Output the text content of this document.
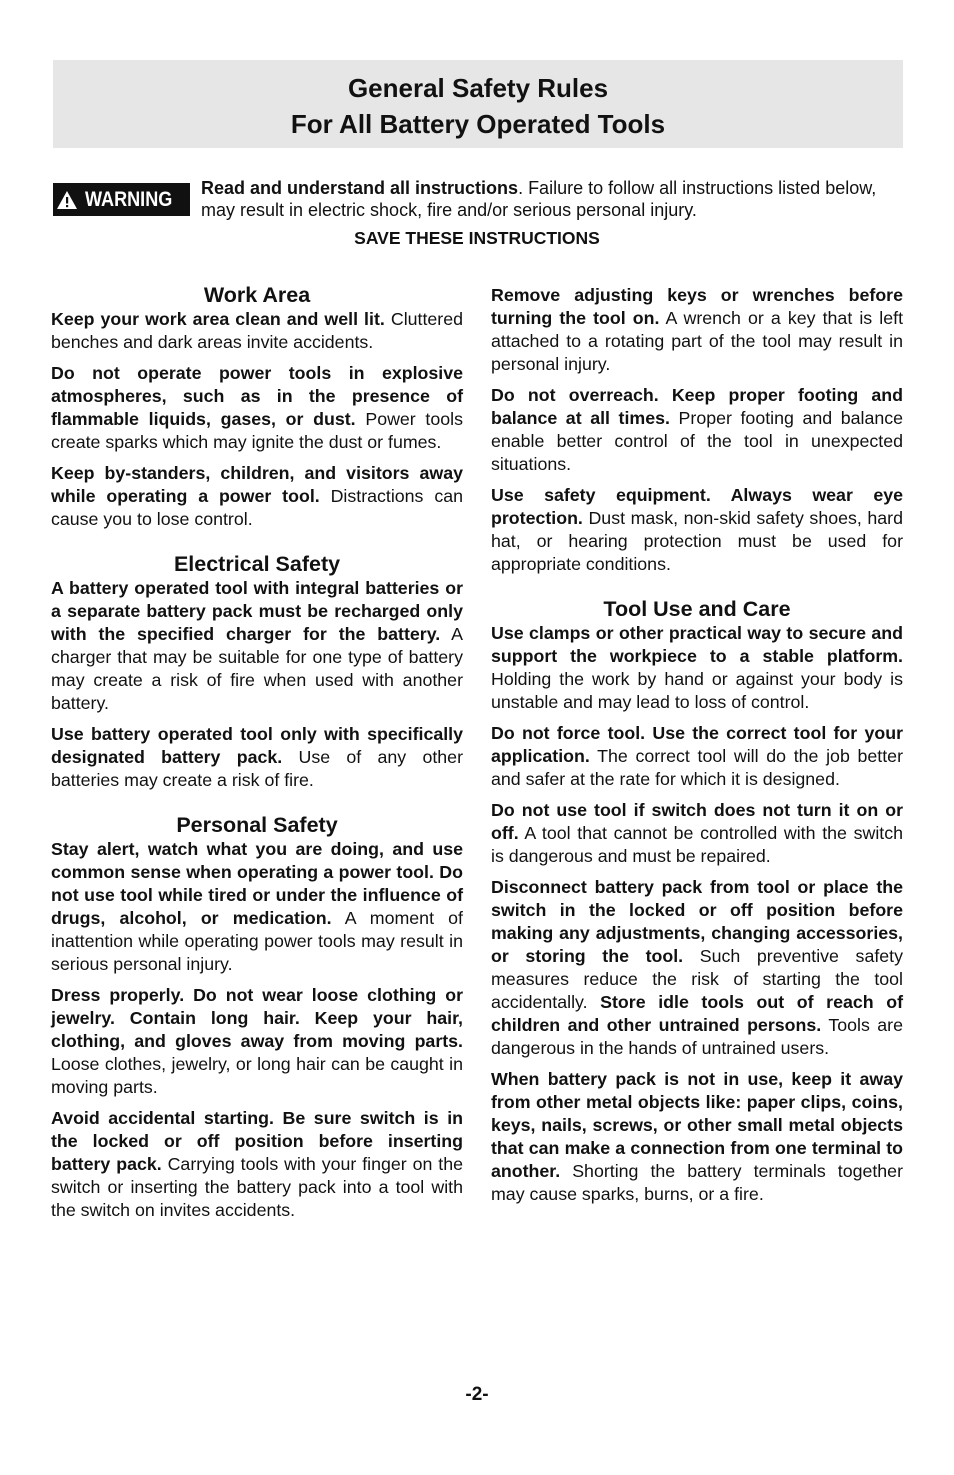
General Safety Rules
For All Battery Operated Tools
WARNING Read and understand all instructions. Failure to follow all instructions listed below, may result in electric shock, fire and/or serious personal injury.
SAVE THESE INSTRUCTIONS
Work Area

Keep your work area clean and well lit. Cluttered benches and dark areas invite accidents.

Do not operate power tools in explosive atmospheres, such as in the presence of flammable liquids, gases, or dust. Power tools create sparks which may ignite the dust or fumes.

Keep by-standers, children, and visitors away while operating a power tool. Distractions can cause you to lose control.

Electrical Safety

A battery operated tool with integral batteries or a separate battery pack must be recharged only with the specified charger for the battery. A charger that may be suitable for one type of battery may create a risk of fire when used with another battery.

Use battery operated tool only with specifically designated battery pack. Use of any other batteries may create a risk of fire.

Personal Safety

Stay alert, watch what you are doing, and use common sense when operating a power tool. Do not use tool while tired or under the influence of drugs, alcohol, or medication. A moment of inattention while operating power tools may result in serious personal injury.

Dress properly. Do not wear loose clothing or jewelry. Contain long hair. Keep your hair, clothing, and gloves away from moving parts. Loose clothes, jewelry, or long hair can be caught in moving parts.

Avoid accidental starting. Be sure switch is in the locked or off position before inserting battery pack. Carrying tools with your finger on the switch or inserting the battery pack into a tool with the switch on invites accidents.

Remove adjusting keys or wrenches before turning the tool on. A wrench or a key that is left attached to a rotating part of the tool may result in personal injury.

Do not overreach. Keep proper footing and balance at all times. Proper footing and balance enable better control of the tool in unexpected situations.

Use safety equipment. Always wear eye protection. Dust mask, non-skid safety shoes, hard hat, or hearing protection must be used for appropriate conditions.

Tool Use and Care

Use clamps or other practical way to secure and support the workpiece to a stable platform. Holding the work by hand or against your body is unstable and may lead to loss of control.

Do not force tool. Use the correct tool for your application. The correct tool will do the job better and safer at the rate for which it is designed.

Do not use tool if switch does not turn it on or off. A tool that cannot be controlled with the switch is dangerous and must be repaired.

Disconnect battery pack from tool or place the switch in the locked or off position before making any adjustments, changing accessories, or storing the tool. Such preventive safety measures reduce the risk of starting the tool accidentally. Store idle tools out of reach of children and other untrained persons. Tools are dangerous in the hands of untrained users.

When battery pack is not in use, keep it away from other metal objects like: paper clips, coins, keys, nails, screws, or other small metal objects that can make a connection from one terminal to another. Shorting the battery terminals together may cause sparks, burns, or a fire.

-2-
